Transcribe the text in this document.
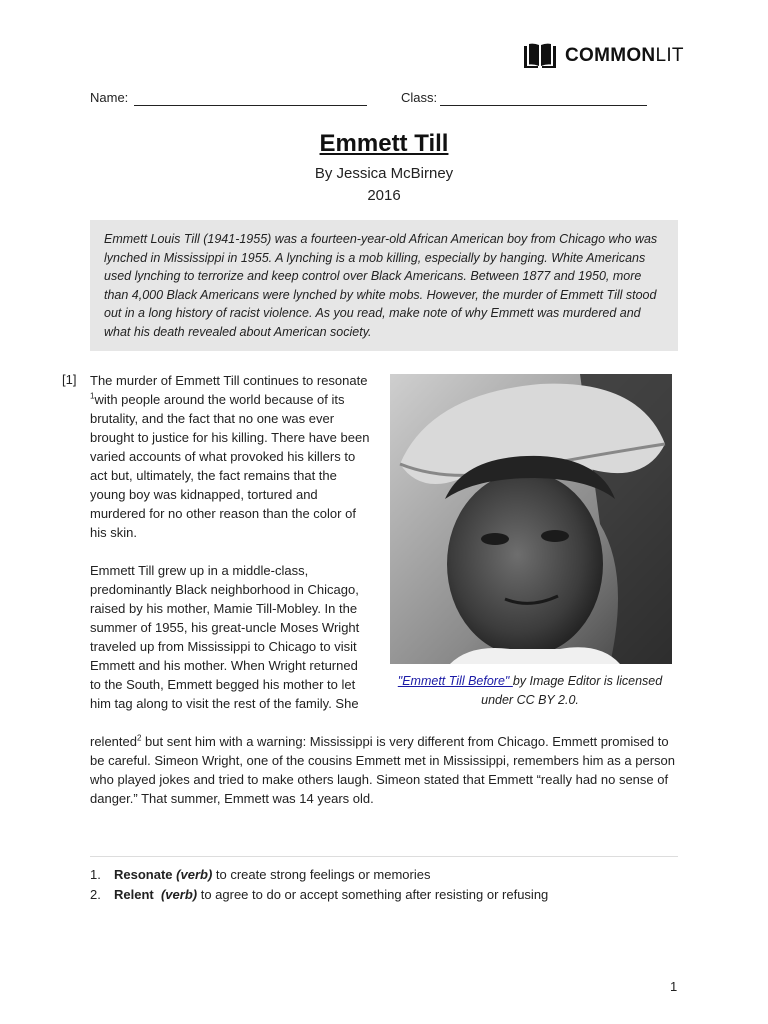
COMMONLIT
Name:	Class:
Emmett Till
By Jessica McBirney
2016
Emmett Louis Till (1941-1955) was a fourteen-year-old African American boy from Chicago who was lynched in Mississippi in 1955. A lynching is a mob killing, especially by hanging. White Americans used lynching to terrorize and keep control over Black Americans. Between 1877 and 1950, more than 4,000 Black Americans were lynched by white mobs. However, the murder of Emmett Till stood out in a long history of racist violence. As you read, make note of why Emmett was murdered and what his death revealed about American society.
[1] The murder of Emmett Till continues to resonate $^1$with people around the world because of its brutality, and the fact that no one was ever brought to justice for his killing. There have been varied accounts of what provoked his killers to act but, ultimately, the fact remains that the young boy was kidnapped, tortured and murdered for no other reason than the color of his skin.
Emmett Till grew up in a middle-class, predominantly Black neighborhood in Chicago, raised by his mother, Mamie Till-Mobley. In the summer of 1955, his great-uncle Moses Wright traveled up from Mississippi to Chicago to visit Emmett and his mother. When Wright returned to the South, Emmett begged his mother to let him tag along to visit the rest of the family. She
relented$^2$ but sent him with a warning: Mississippi is very different from Chicago. Emmett promised to be careful. Simeon Wright, one of the cousins Emmett met in Mississippi, remembers him as a person who played jokes and tried to make others laugh. Simeon stated that Emmett “really had no sense of danger.” That summer, Emmett was 14 years old.
"Emmett Till Before" by Image Editor is licensed under CC BY 2.0.
1. Resonate (verb) to create strong feelings or memories
2. Relent (verb) to agree to do or accept something after resisting or refusing
1
